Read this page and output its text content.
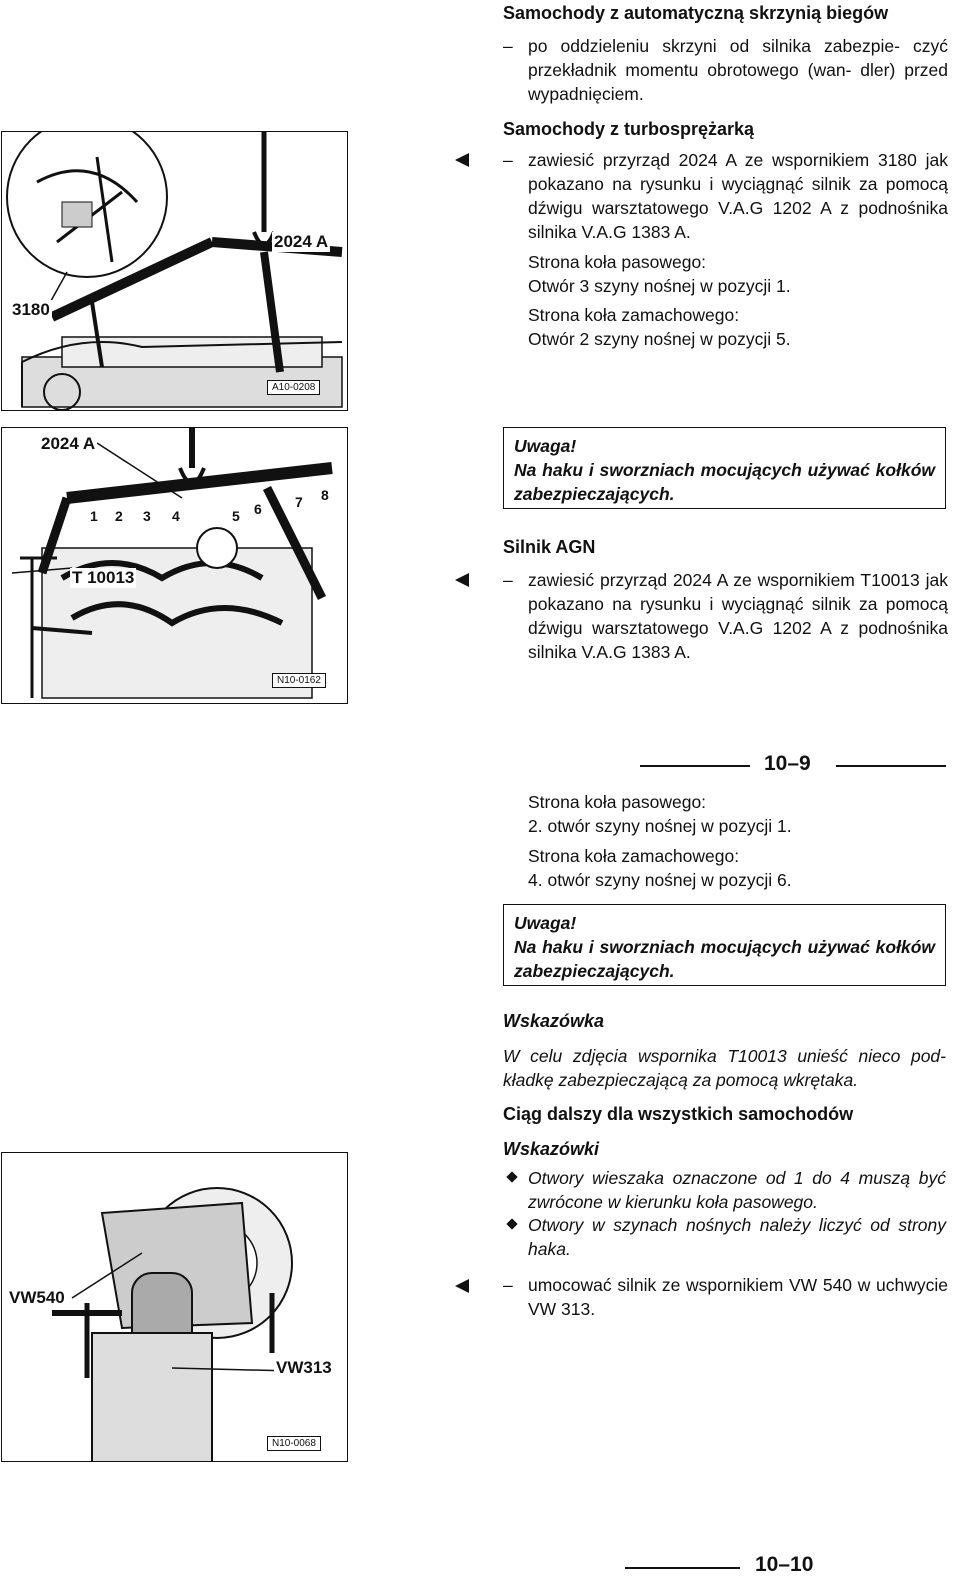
Samochody z automatyczną skrzynią biegów
– po oddzieleniu skrzyni od silnika zabezpie- czyć przekładnik momentu obrotowego (wan- dler) przed wypadnięciem.
Samochody z turbosprężarką
– zawiesić przyrząd 2024 A ze wspornikiem 3180 jak pokazano na rysunku i wyciągnąć silnik za pomocą dźwigu warsztatowego V.A.G 1202 A z podnośnika silnika V.A.G 1383 A.
Strona koła pasowego:
Otwór 3 szyny nośnej w pozycji 1.
Strona koła zamachowego:
Otwór 2 szyny nośnej w pozycji 5.
2024 A
3180
A10-0208
2024 A
T 10013
1 2 3 4	5 6 7 8
N10-0162
Uwaga!
Na haku i sworzniach mocujących używać kołków zabezpieczających.
Silnik AGN
– zawiesić przyrząd 2024 A ze wspornikiem T10013 jak pokazano na rysunku i wyciągnąć silnik za pomocą dźwigu warsztatowego V.A.G 1202 A z podnośnika silnika V.A.G 1383 A.
10–9
Strona koła pasowego:
2. otwór szyny nośnej w pozycji 1.
Strona koła zamachowego:
4. otwór szyny nośnej w pozycji 6.
Uwaga!
Na haku i sworzniach mocujących używać kołków zabezpieczających.
Wskazówka
W celu zdjęcia wspornika T10013 unieść nieco pod- kładkę zabezpieczającą za pomocą wkrętaka.
Ciąg dalszy dla wszystkich samochodów
Wskazówki
Otwory wieszaka oznaczone od 1 do 4 muszą być zwrócone w kierunku koła pasowego.
Otwory w szynach nośnych należy liczyć od strony haka.
– umocować silnik ze wspornikiem VW 540 w uchwycie VW 313.
VW540
VW313
N10-0068
10–10
